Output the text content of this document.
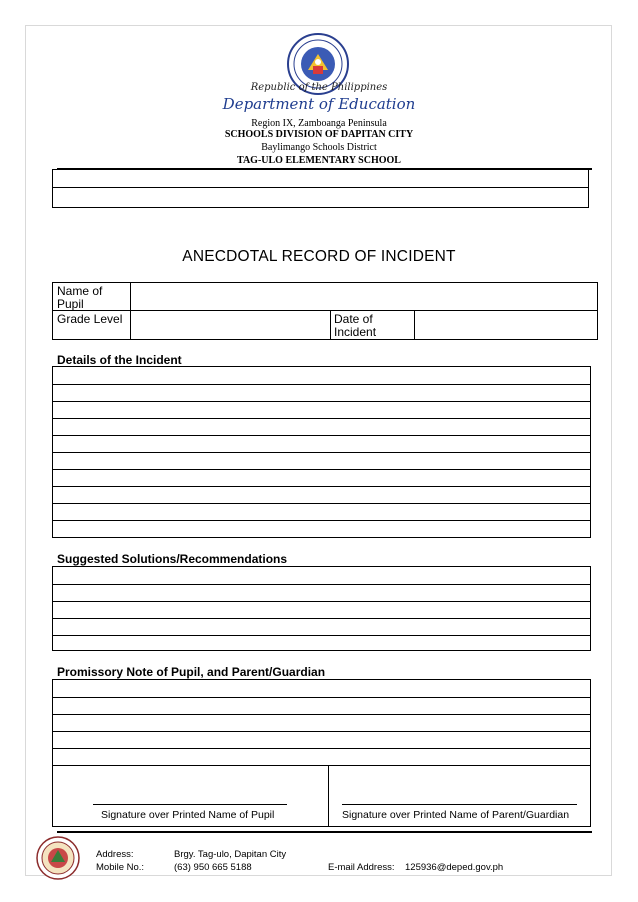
Republic of the Philippines
Department of Education
Region IX, Zamboanga Peninsula
SCHOOLS DIVISION OF DAPITAN CITY
Baylimango Schools District
TAG-ULO ELEMENTARY SCHOOL
ANECDOTAL RECORD OF INCIDENT
Name of Pupil
Grade Level	Date of Incident
Details of the Incident
Suggested Solutions/Recommendations
Promissory Note of Pupil, and Parent/Guardian
Signature over Printed Name of Pupil	Signature over Printed Name of Parent/Guardian
Address:	Brgy. Tag-ulo, Dapitan City
Mobile No.:	(63) 950 665 5188	E-mail Address: 125936@deped.gov.ph
